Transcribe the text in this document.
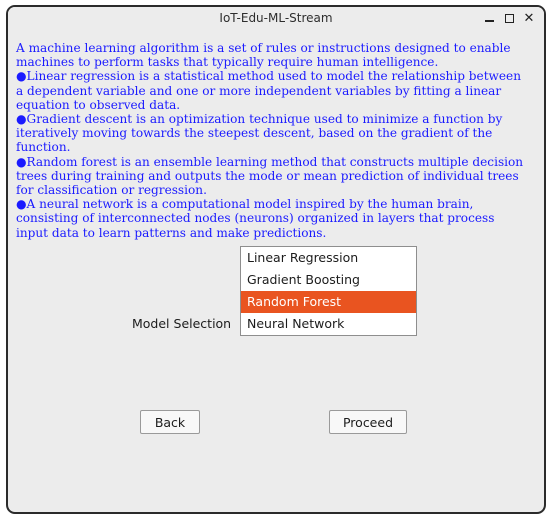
IoT-Edu-ML-Stream	✕

A machine learning algorithm is a set of rules or instructions designed to enable
machines to perform tasks that typically require human intelligence.
●Linear regression is a statistical method used to model the relationship between
a dependent variable and one or more independent variables by fitting a linear
equation to observed data.
●Gradient descent is an optimization technique used to minimize a function by
iteratively moving towards the steepest descent, based on the gradient of the
function.
●Random forest is an ensemble learning method that constructs multiple decision
trees during training and outputs the mode or mean prediction of individual trees
for classification or regression.
●A neural network is a computational model inspired by the human brain,
consisting of interconnected nodes (neurons) organized in layers that process
input data to learn patterns and make predictions.

Model Selection
Linear Regression
Gradient Boosting
Random Forest
Neural Network
Back	Proceed
